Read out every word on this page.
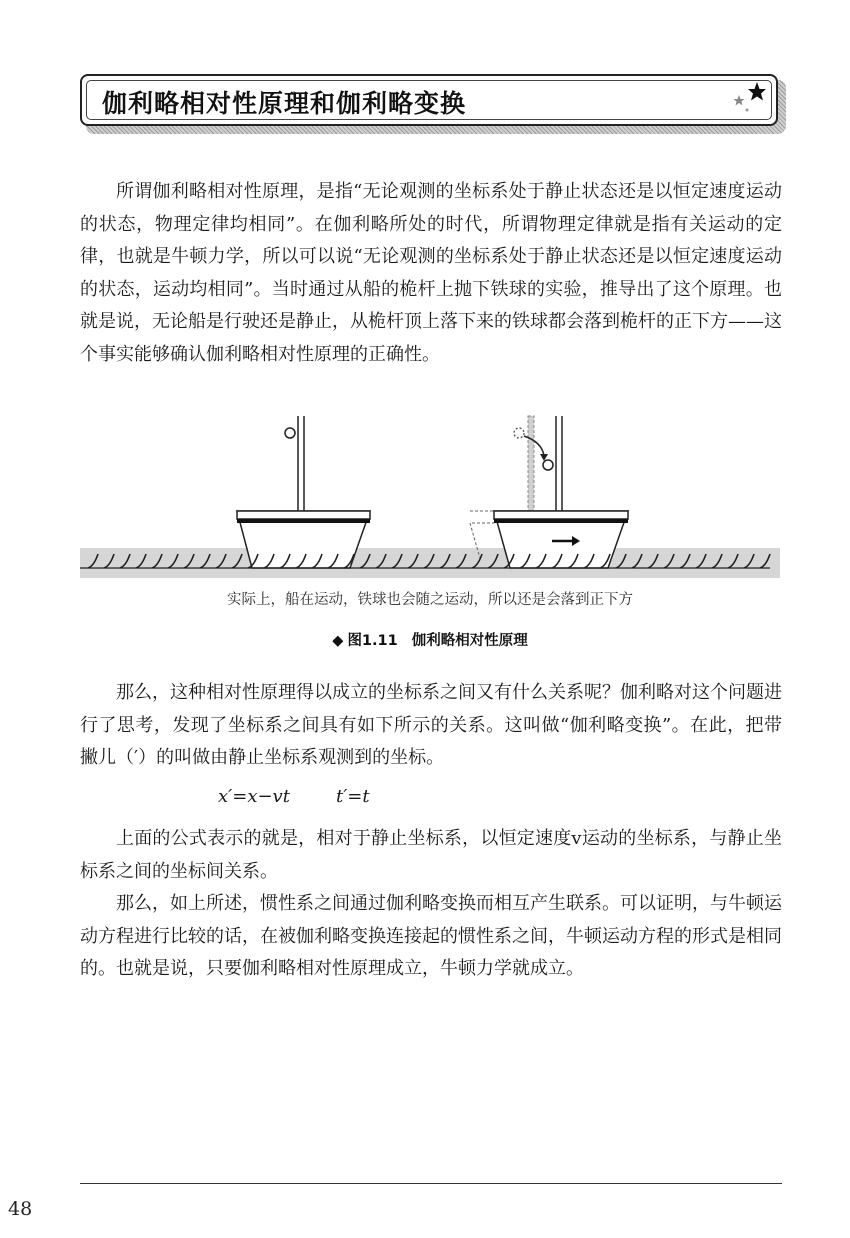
伽利略相对性原理和伽利略变换

所谓伽利略相对性原理，是指“无论观测的坐标系处于静止状态还是以恒定速度运动的状态，物理定律均相同”。在伽利略所处的时代，所谓物理定律就是指有关运动的定律，也就是牛顿力学，所以可以说“无论观测的坐标系处于静止状态还是以恒定速度运动的状态，运动均相同”。当时通过从船的桅杆上抛下铁球的实验，推导出了这个原理。也就是说，无论船是行驶还是静止，从桅杆顶上落下来的铁球都会落到桅杆的正下方——这个事实能够确认伽利略相对性原理的正确性。

实际上，船在运动，铁球也会随之运动，所以还是会落到正下方
◆ 图1.11 伽利略相对性原理

那么，这种相对性原理得以成立的坐标系之间又有什么关系呢？伽利略对这个问题进行了思考，发现了坐标系之间具有如下所示的关系。这叫做“伽利略变换”。在此，把带撇儿（′）的叫做由静止坐标系观测到的坐标。

x′=x−vt	t′=t

上面的公式表示的就是，相对于静止坐标系，以恒定速度v运动的坐标系，与静止坐标系之间的坐标间关系。

那么，如上所述，惯性系之间通过伽利略变换而相互产生联系。可以证明，与牛顿运动方程进行比较的话，在被伽利略变换连接起的惯性系之间，牛顿运动方程的形式是相同的。也就是说，只要伽利略相对性原理成立，牛顿力学就成立。

48
